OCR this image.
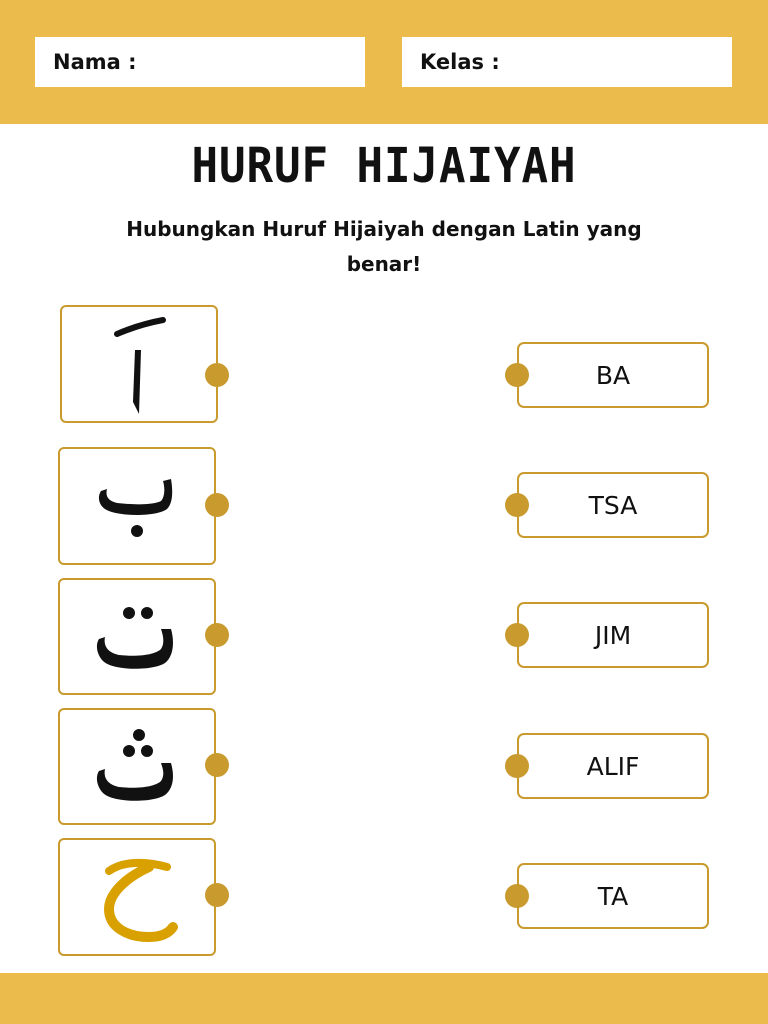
Nama :	Kelas :
HURUF HIJAIYAH
Hubungkan Huruf Hijaiyah dengan Latin yang benar!
BA
TSA
JIM
ALIF
TA
